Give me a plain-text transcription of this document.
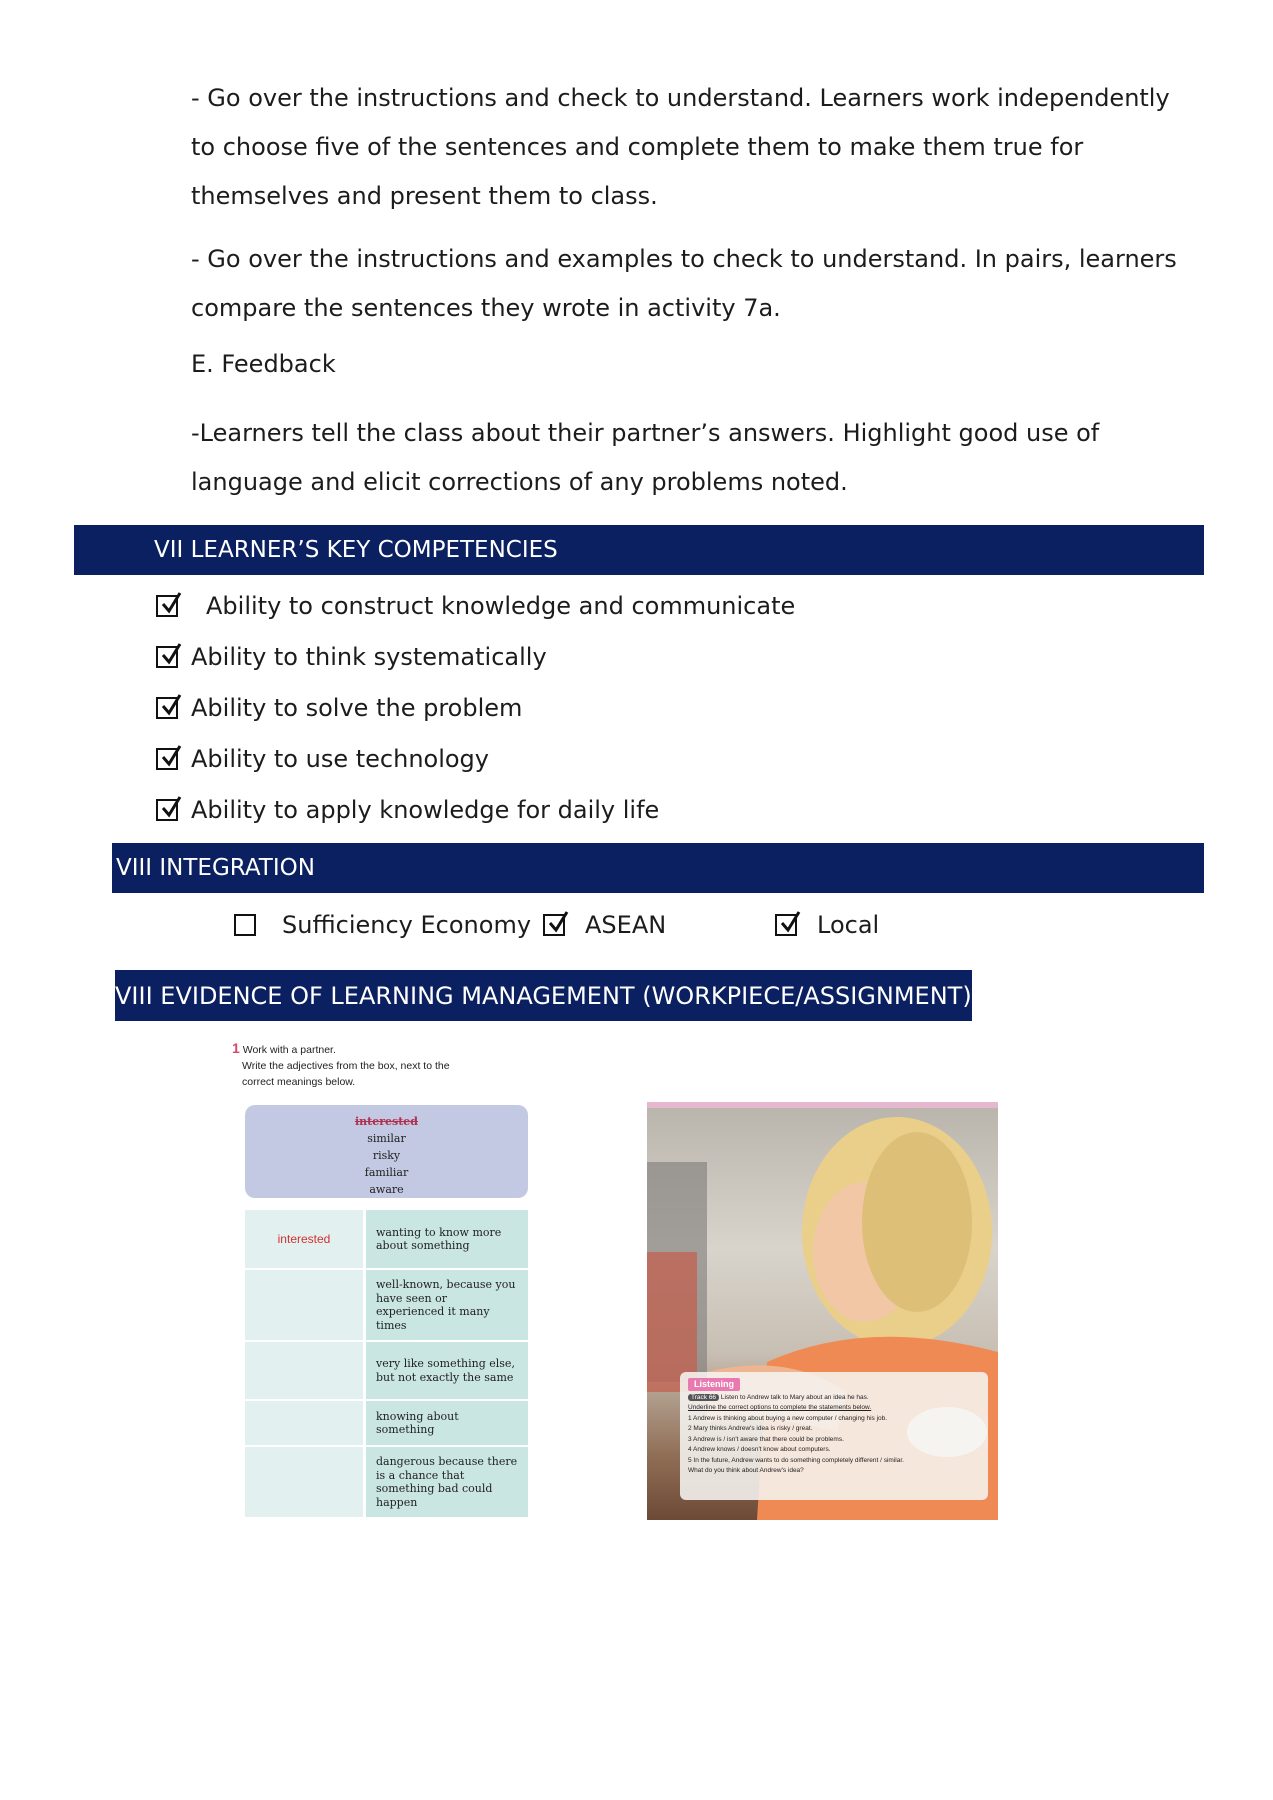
- Go over the instructions and check to understand. Learners work independently to choose five of the sentences and complete them to make them true for themselves and present them to class.

- Go over the instructions and examples to check to understand. In pairs, learners compare the sentences they wrote in activity 7a.

E. Feedback

-Learners tell the class about their partner’s answers. Highlight good use of language and elicit corrections of any problems noted.

VII LEARNER’S KEY COMPETENCIES
Ability to construct knowledge and communicate
Ability to think systematically
Ability to solve the problem
Ability to use technology
Ability to apply knowledge for daily life
VIII INTEGRATION
Sufficiency Economy ASEAN	Local
VIII EVIDENCE OF LEARNING MANAGEMENT (WORKPIECE/ASSIGNMENT)
1 Work with a partner.
Write the adjectives from the box, next to the
correct meanings below.
interested
similar
risky
familiar
aware
interested	wanting to know more about something
well-known, because you have seen or experienced it many times
very like something else, but not exactly the same
knowing about something
dangerous because there is a chance that something bad could happen
Listening
Track 66 Listen to Andrew talk to Mary about an idea he has.
Underline the correct options to complete the statements below.
1 Andrew is thinking about buying a new computer / changing his job.
2 Mary thinks Andrew's idea is risky / great.
3 Andrew is / isn't aware that there could be problems.
4 Andrew knows / doesn't know about computers.
5 In the future, Andrew wants to do something completely different / similar.
What do you think about Andrew's idea?
